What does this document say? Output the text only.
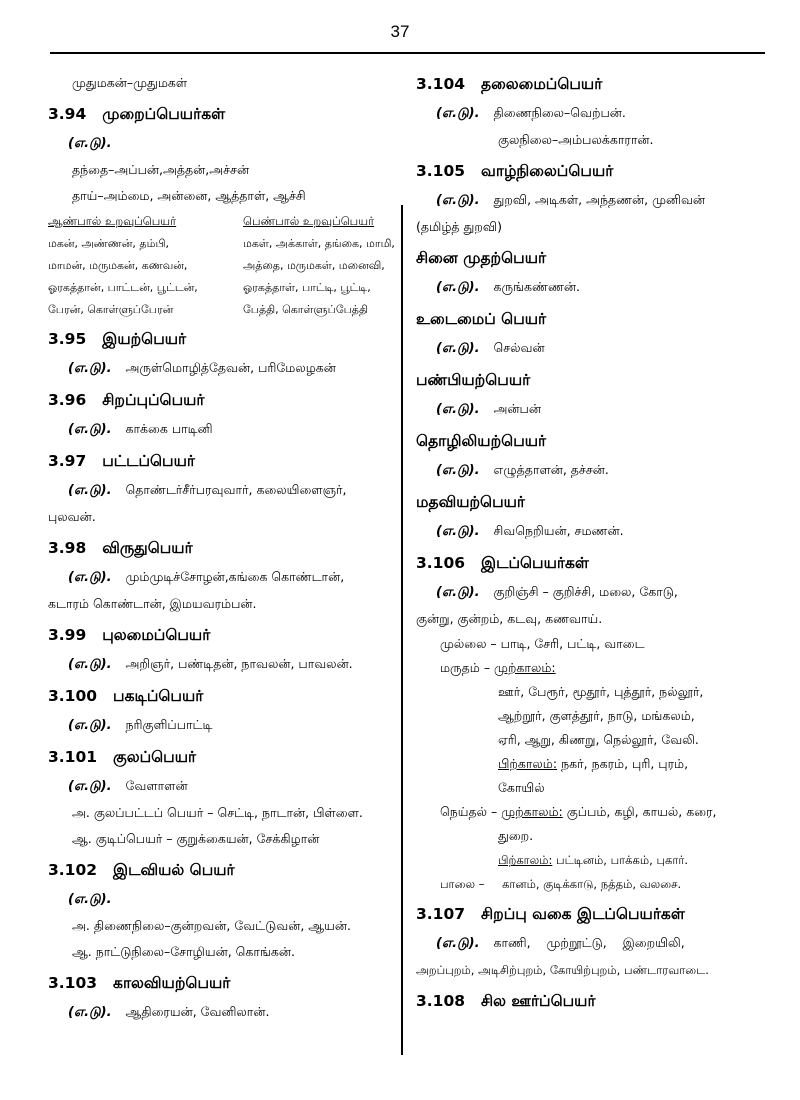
37
முதுமகன்–முதுமகள்
3.94 முறைப்பெயர்கள்
(எ.டு).
தந்தை–அப்பன்,அத்தன்,அச்சன்
தாய்–அம்மை, அன்னை, ஆத்தாள், ஆச்சி
ஆண்பால் உறவுப்பெயர்	பெண்பால் உறவுப்பெயர்
மகன், அண்ணன், தம்பி,	மகள், அக்காள், தங்கை, மாமி,
மாமன், மருமகன், கணவன்,	அத்தை, மருமகள், மனைவி,
ஓரகத்தான், பாட்டன், பூட்டன்,	ஓரகத்தாள், பாட்டி, பூட்டி,
பேரன், கொள்ளுப்பேரன்	பேத்தி, கொள்ளுப்பேத்தி
3.95 இயற்பெயர்
(எ.டு). அருள்மொழித்தேவன், பரிமேலழகன்
3.96 சிறப்புப்பெயர்
(எ.டு). காக்கை பாடினி
3.97 பட்டப்பெயர்
(எ.டு). தொண்டர்சீர்பரவுவார், கலையிளைஞர்,
புலவன்.
3.98 விருதுபெயர்
(எ.டு). மும்முடிச்சோழன்,கங்கை கொண்டான்,
கடாரம் கொண்டான், இமயவரம்பன்.
3.99 புலமைப்பெயர்
(எ.டு). அறிஞர், பண்டிதன், நாவலன், பாவலன்.
3.100 பகடிப்பெயர்
(எ.டு). நரிகுளிப்பாட்டி
3.101 குலப்பெயர்
(எ.டு). வேளாளன்
அ. குலப்பட்டப் பெயர் – செட்டி, நாடான், பிள்ளை.
ஆ. குடிப்பெயர் – குறுக்கையன், சேக்கிழான்
3.102 இடவியல் பெயர்
(எ.டு).
அ. திணைநிலை–குன்றவன், வேட்டுவன், ஆயன்.
ஆ. நாட்டுநிலை–சோழியன், கொங்கன்.
3.103 காலவியற்பெயர்
(எ.டு). ஆதிரையன், வேனிலான்.
3.104 தலைமைப்பெயர்
(எ.டு). திணைநிலை–வெற்பன்.
குலநிலை–அம்பலக்காரான்.
3.105 வாழ்நிலைப்பெயர்
(எ.டு). துறவி, அடிகள், அந்தணன், முனிவன்
(தமிழ்த் துறவி)
சினை முதற்பெயர்
(எ.டு). கருங்கண்ணன்.
உடைமைப் பெயர்
(எ.டு). செல்வன்
பண்பியற்பெயர்
(எ.டு). அன்பன்
தொழிலியற்பெயர்
(எ.டு). எழுத்தாளன், தச்சன்.
மதவியற்பெயர்
(எ.டு). சிவநெறியன், சமணன்.
3.106 இடப்பெயர்கள்
(எ.டு). குறிஞ்சி – குறிச்சி, மலை, கோடு,
குன்று, குன்றம், கடவு, கணவாய்.
முல்லை – பாடி, சேரி, பட்டி, வாடை
மருதம் – முற்காலம்:
ஊர், பேரூர், மூதூர், புத்தூர், நல்லூர்,
ஆற்றூர், குளத்தூர், நாடு, மங்கலம்,
ஏரி, ஆறு, கிணறு, நெல்லூர், வேலி.
பிற்காலம்: நகர், நகரம், புரி, புரம்,
கோயில்
நெய்தல் – முற்காலம்: குப்பம், கழி, காயல், கரை,
துறை.
பிற்காலம்: பட்டினம், பாக்கம், புகார்.
பாலை – கானம், குடிக்காடு, நத்தம், வலசை.
3.107 சிறப்பு வகை இடப்பெயர்கள்
(எ.டு). காணி,    முற்றூட்டு,    இறையிலி,
அறப்புறம், அடிசிற்புறம், கோயிற்புறம், பண்டாரவாடை.
3.108 சில ஊர்ப்பெயர்
